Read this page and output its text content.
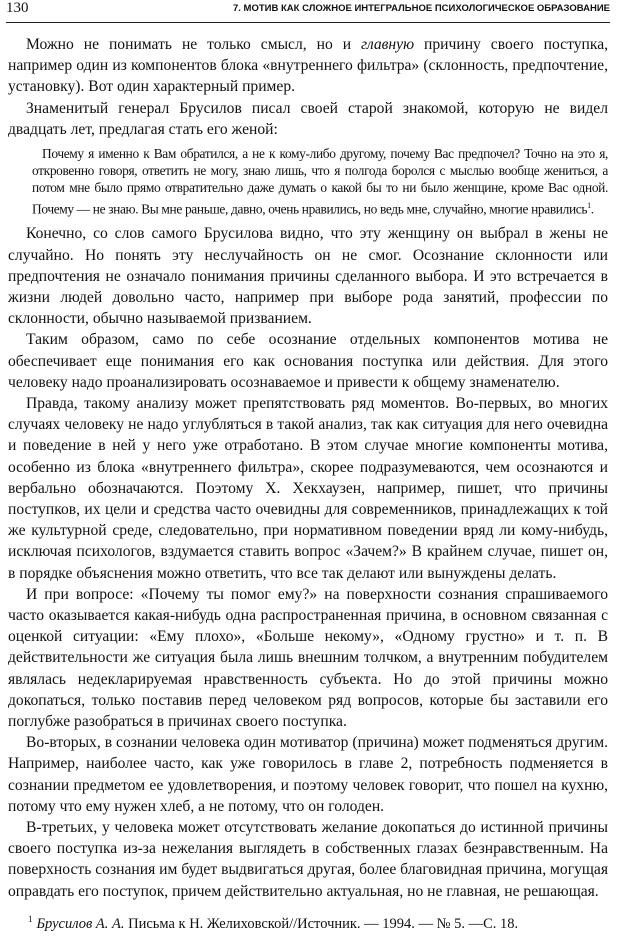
130	7. МОТИВ КАК СЛОЖНОЕ ИНТЕГРАЛЬНОЕ ПСИХОЛОГИЧЕСКОЕ ОБРАЗОВАНИЕ

Можно не понимать не только смысл, но и главную причину своего поступка, например один из компонентов блока «внутреннего фильтра» (склонность, предпочтение, установку). Вот один характерный пример.

Знаменитый генерал Брусилов писал своей старой знакомой, которую не видел двадцать лет, предлагая стать его женой:

Почему я именно к Вам обратился, а не к кому-либо другому, почему Вас предпочел? Точно на это я, откровенно говоря, ответить не могу, знаю лишь, что я полгода боролся с мыслью вообще жениться, а потом мне было прямо отвратительно даже думать о какой бы то ни было женщине, кроме Вас одной. Почему — не знаю. Вы мне раньше, давно, очень нравились, но ведь мне, случайно, многие нравились$^1$.

Конечно, со слов самого Брусилова видно, что эту женщину он выбрал в жены не случайно. Но понять эту неслучайность он не смог. Осознание склонности или предпочтения не означало понимания причины сделанного выбора. И это встречается в жизни людей довольно часто, например при выборе рода занятий, профессии по склонности, обычно называемой призванием.

Таким образом, само по себе осознание отдельных компонентов мотива не обеспечивает еще понимания его как основания поступка или действия. Для этого человеку надо проанализировать осознаваемое и привести к общему знаменателю.

Правда, такому анализу может препятствовать ряд моментов. Во-первых, во многих случаях человеку не надо углубляться в такой анализ, так как ситуация для него очевидна и поведение в ней у него уже отработано. В этом случае многие компоненты мотива, особенно из блока «внутреннего фильтра», скорее подразумеваются, чем осознаются и вербально обозначаются. Поэтому X. Хекхаузен, например, пишет, что причины поступков, их цели и средства часто очевидны для современников, принадлежащих к той же культурной среде, следовательно, при нормативном поведении вряд ли кому-нибудь, исключая психологов, вздумается ставить вопрос «Зачем?» В крайнем случае, пишет он, в порядке объяснения можно ответить, что все так делают или вынуждены делать.

И при вопросе: «Почему ты помог ему?» на поверхности сознания спрашиваемого часто оказывается какая-нибудь одна распространенная причина, в основном связанная с оценкой ситуации: «Ему плохо», «Больше некому», «Одному грустно» и т. п. В действительности же ситуация была лишь внешним толчком, а внутренним побудителем являлась недекларируемая нравственность субъекта. Но до этой причины можно докопаться, только поставив перед человеком ряд вопросов, которые бы заставили его поглубже разобраться в причинах своего поступка.

Во-вторых, в сознании человека один мотиватор (причина) может подменяться другим. Например, наиболее часто, как уже говорилось в главе 2, потребность подменяется в сознании предметом ее удовлетворения, и поэтому человек говорит, что пошел на кухню, потому что ему нужен хлеб, а не потому, что он голоден.

В-третьих, у человека может отсутствовать желание докопаться до истинной причины своего поступка из-за нежелания выглядеть в собственных глазах безнравственным. На поверхность сознания им будет выдвигаться другая, более благовидная причина, могущая оправдать его поступок, причем действительно актуальная, но не главная, не решающая.

$^1$ Брусилов А. А. Письма к Н. Желиховской//Источник. — 1994. — № 5. —С. 18.
